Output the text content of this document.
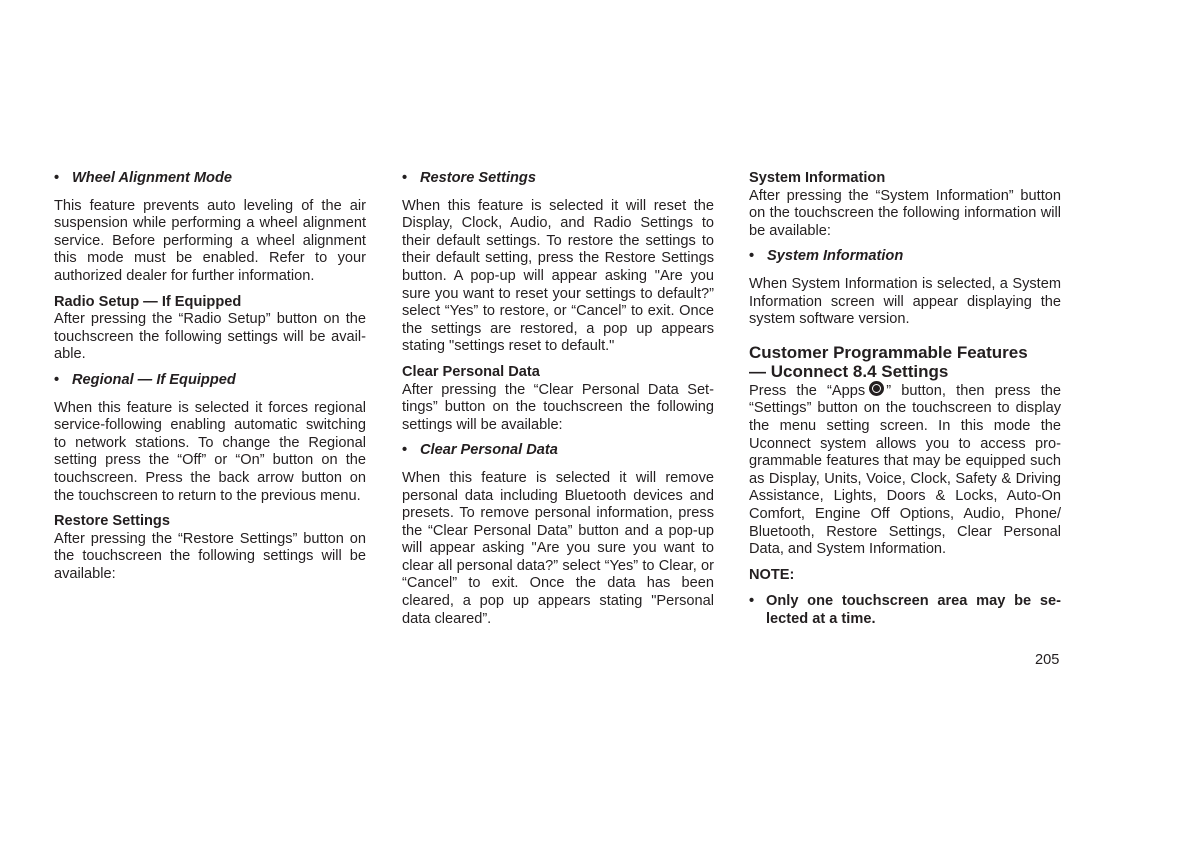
• Wheel Alignment Mode

This feature prevents auto leveling of the air suspension while performing a wheel alignment service. Before performing a wheel alignment this mode must be enabled. Refer to your authorized dealer for further information.

Radio Setup — If Equipped

After pressing the “Radio Setup” button on the touchscreen the following settings will be available.

• Regional — If Equipped

When this feature is selected it forces regional service-following enabling automatic switching to network stations. To change the Regional setting press the “Off” or “On” button on the touchscreen. Press the back arrow button on the touchscreen to return to the previous menu.

Restore Settings

After pressing the “Restore Settings” button on the touchscreen the following settings will be available:

• Restore Settings

When this feature is selected it will reset the Display, Clock, Audio, and Radio Settings to their default settings. To restore the settings to their default setting, press the Restore Settings button. A pop-up will appear asking "Are you sure you want to reset your settings to default?” select “Yes” to restore, or “Cancel” to exit. Once the settings are restored, a pop up appears stating "settings reset to default."

Clear Personal Data

After pressing the “Clear Personal Data Settings” button on the touchscreen the following settings will be available:

• Clear Personal Data

When this feature is selected it will remove personal data including Bluetooth devices and presets. To remove personal information, press the “Clear Personal Data” button and a pop-up will appear asking "Are you sure you want to clear all personal data?” select “Yes” to Clear, or “Cancel” to exit. Once the data has been cleared, a pop up appears stating "Personal data cleared”.

System Information

After pressing the “System Information” button on the touchscreen the following information will be available:

• System Information

When System Information is selected, a System Information screen will appear displaying the system software version.

Customer Programmable Features
— Uconnect 8.4 Settings

Press the “Apps ” button, then press the “Settings” button on the touchscreen to display the menu setting screen. In this mode the Uconnect system allows you to access programmable features that may be equipped such as Display, Units, Voice, Clock, Safety & Driving Assistance, Lights, Doors & Locks, Auto-On Comfort, Engine Off Options, Audio, Phone/ Bluetooth, Restore Settings, Clear Personal Data, and System Information.

NOTE:

• Only one touchscreen area may be selected at a time.
205
